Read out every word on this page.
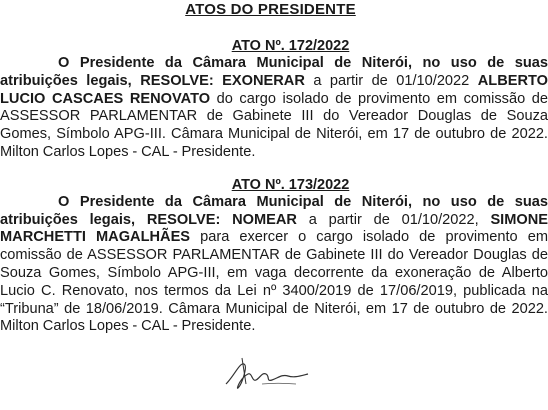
ATOS DO PRESIDENTE
ATO Nº. 172/2022

O Presidente da Câmara Municipal de Niterói, no uso de suas atribuições legais, RESOLVE: EXONERAR a partir de 01/10/2022 ALBERTO LUCIO CASCAES RENOVATO do cargo isolado de provimento em comissão de ASSESSOR PARLAMENTAR de Gabinete III do Vereador Douglas de Souza Gomes, Símbolo APG-III. Câmara Municipal de Niterói, em 17 de outubro de 2022. Milton Carlos Lopes - CAL - Presidente.

ATO Nº. 173/2022

O Presidente da Câmara Municipal de Niterói, no uso de suas atribuições legais, RESOLVE: NOMEAR a partir de 01/10/2022, SIMONE MARCHETTI MAGALHÃES para exercer o cargo isolado de provimento em comissão de ASSESSOR PARLAMENTAR de Gabinete III do Vereador Douglas de Souza Gomes, Símbolo APG-III, em vaga decorrente da exoneração de Alberto Lucio C. Renovato, nos termos da Lei nº 3400/2019 de 17/06/2019, publicada na “Tribuna” de 18/06/2019. Câmara Municipal de Niterói, em 17 de outubro de 2022. Milton Carlos Lopes - CAL - Presidente.
